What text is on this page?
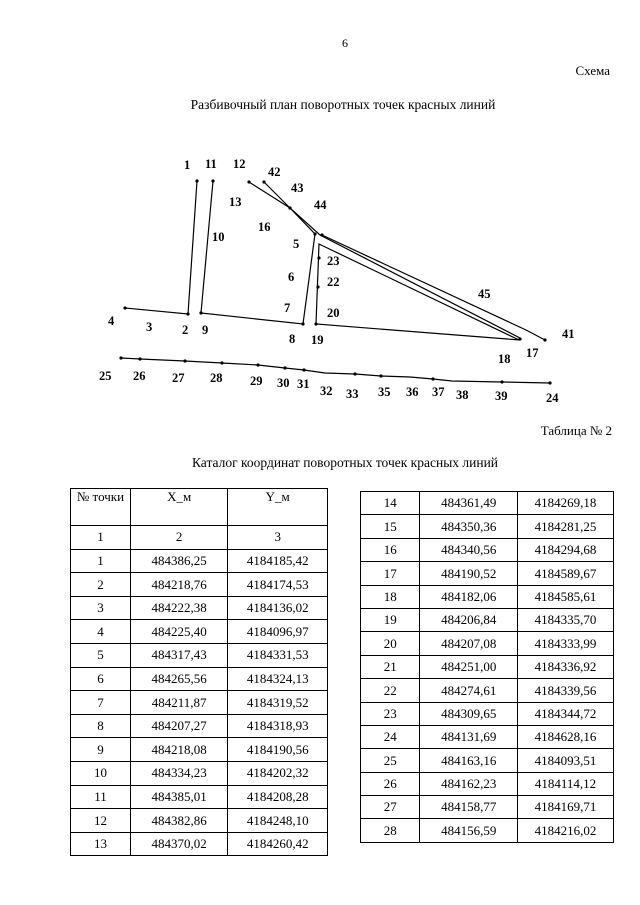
6
Схема
Разбивочный план поворотных точек красных линий
1 11 12
42
43
13	44
16
10	5
23
6	22
45
7	20
4	3 2 9
8 19	41
17
18
25 26 27 28 29 30 31 32 33 35 36 37 38 39	24
Таблица № 2
Каталог координат поворотных точек красных линий
№ точки	X_м	Y_м
1	2	3
1	484386,25	4184185,42
2	484218,76	4184174,53
3	484222,38	4184136,02
4	484225,40	4184096,97
5	484317,43	4184331,53
6	484265,56	4184324,13
7	484211,87	4184319,52
8	484207,27	4184318,93
9	484218,08	4184190,56
10	484334,23	4184202,32
11	484385,01	4184208,28
12	484382,86	4184248,10
13	484370,02	4184260,42
14	484361,49	4184269,18
15	484350,36	4184281,25
16	484340,56	4184294,68
17	484190,52	4184589,67
18	484182,06	4184585,61
19	484206,84	4184335,70
20	484207,08	4184333,99
21	484251,00	4184336,92
22	484274,61	4184339,56
23	484309,65	4184344,72
24	484131,69	4184628,16
25	484163,16	4184093,51
26	484162,23	4184114,12
27	484158,77	4184169,71
28	484156,59	4184216,02
